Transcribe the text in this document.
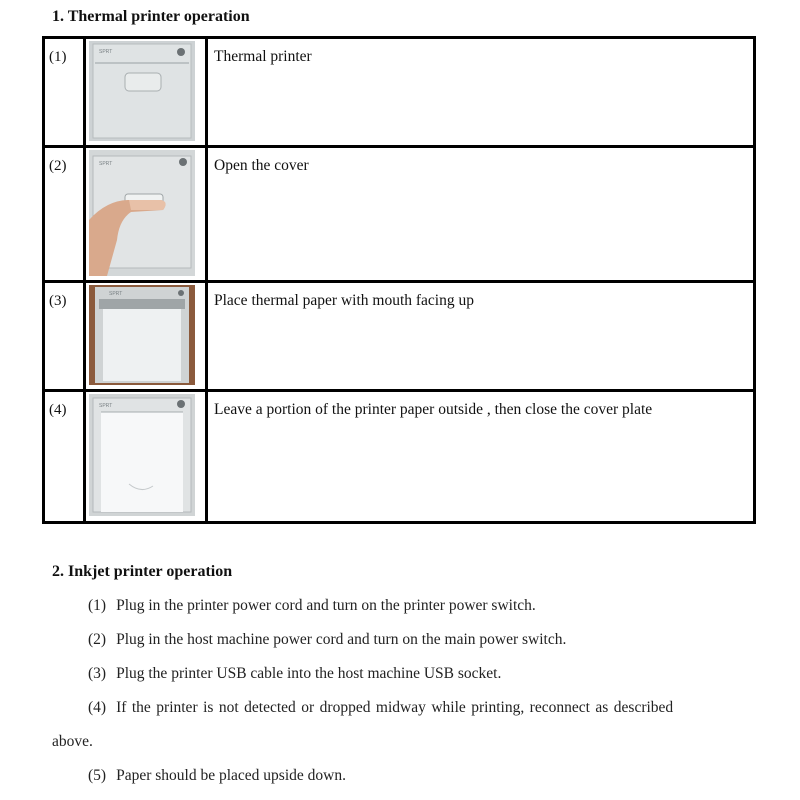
1. Thermal printer operation
(1)	SPRT	Thermal printer
(2)	SPRT	Open the cover
(3)	SPRT	Place thermal paper with mouth facing up
(4)	SPRT	Leave a portion of the printer paper outside , then close the cover plate
2. Inkjet printer operation
(1) Plug in the printer power cord and turn on the printer power switch.
(2) Plug in the host machine power cord and turn on the main power switch.
(3) Plug the printer USB cable into the host machine USB socket.
(4) If the printer is not detected or dropped midway while printing, reconnect as described
above.
(5) Paper should be placed upside down.
